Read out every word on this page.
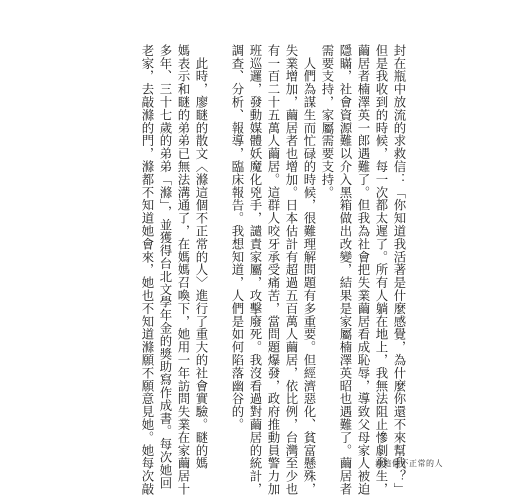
封在瓶中放流的求救信：「你知道我活著是什麼感覺，為什麼你還不來幫我？」
但是我收到的時候，每一次都太遲了。所有人躺在地上，我無法阻止慘劇發生，
繭居者楠澤英一郎遇難了。但我為社會把失業繭居看成恥辱，導致父母家人被迫
隱瞞，社會資源難以介入黑箱做出改變，結果是家屬楠澤英昭也遇難了。繭居者
需要支持，家屬需要支持。
　人們為謀生而忙碌的時候，很難理解問題有多重要。但經濟惡化、貧富懸殊，
失業增加，繭居者也增加。日本估計有超過五百萬人繭居，依比例，台灣至少也
有一百二十五萬人繭居。這群人咬牙承受痛苦，當問題爆發，政府推動員警力加
班巡邏，發動媒體妖魔化兇手，譴責家屬，攻擊廢死。我沒看過對繭居的統計，
調查、分析、報導，臨床報告。我想知道，人們是如何陷落幽谷的。
　此時，廖瞇的散文〈滌這個不正常的人〉進行了重大的社會實驗。瞇的媽
媽表示和瞇的弟弟已無法溝通了，在媽媽召喚下，她用一年訪問失業在家繭居十
多年、三十七歲的弟弟「滌」，並獲得台北文學年金的獎助寫作成書。每次她回
老家，去敲滌的門，滌都不知道她會來，她也不知道滌願不願意見她。她每次敲	滌這個不正常的人
